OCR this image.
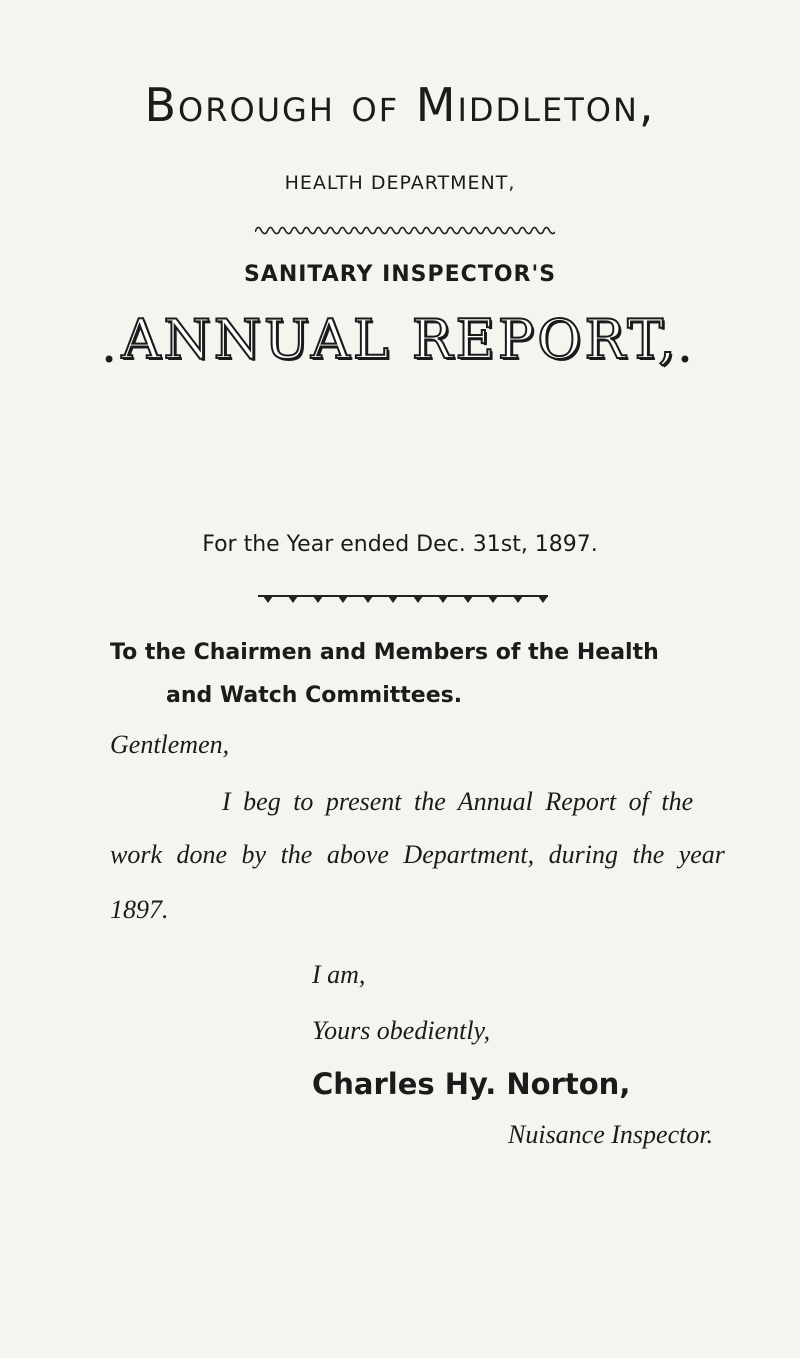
Borough of Middleton,
HEALTH DEPARTMENT,
SANITARY INSPECTOR'S
• ANNUAL REPORT, •
For the Year ended Dec. 31st, 1897.
To the Chairmen and Members of the Health
and Watch Committees.
Gentlemen,
I beg to present the Annual Report of the
work done by the above Department, during the year
1897.
I am,
Yours obediently,
Charles Hy. Norton,
Nuisance Inspector.
